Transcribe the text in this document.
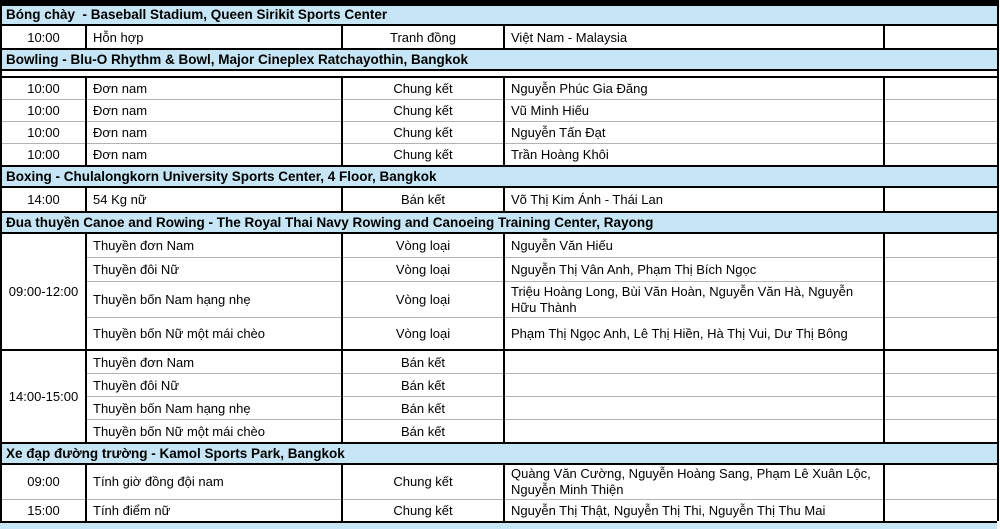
Bóng chày  - Baseball Stadium, Queen Sirikit Sports Center				
10:00	Hỗn hợp	Tranh đồng	Việt Nam - Malaysia	
Bowling - Blu-O Rhythm & Bowl, Major Cineplex Ratchayothin, Bangkok				

10:00	Đơn nam	Chung kết	Nguyễn Phúc Gia Đăng	
10:00	Đơn nam	Chung kết	Vũ Minh Hiếu	
10:00	Đơn nam	Chung kết	Nguyễn Tấn Đạt	
10:00	Đơn nam	Chung kết	Trần Hoàng Khôi	
Boxing - Chulalongkorn University Sports Center, 4 Floor, Bangkok				
14:00	54 Kg nữ	Bán kết	Võ Thị Kim Ánh - Thái Lan	
Đua thuyền Canoe and Rowing - The Royal Thai Navy Rowing and Canoeing Training Center, Rayong				
09:00-12:00	Thuyền đơn Nam	Vòng loại	Nguyễn Văn Hiếu	
	Thuyền đôi Nữ	Vòng loại	Nguyễn Thị Vân Anh, Phạm Thị Bích Ngọc	
	Thuyền bốn Nam hạng nhẹ	Vòng loại	Triệu Hoàng Long, Bùi Văn Hoàn, Nguyễn Văn Hà, Nguyễn Hữu Thành	
	Thuyền bốn Nữ một mái chèo	Vòng loại	Phạm Thị Ngọc Anh, Lê Thị Hiền, Hà Thị Vui, Dư Thị Bông	
14:00-15:00	Thuyền đơn Nam	Bán kết		
	Thuyền đôi Nữ	Bán kết		
	Thuyền bốn Nam hạng nhẹ	Bán kết		
	Thuyền bốn Nữ một mái chèo	Bán kết		
Xe đạp đường trường - Kamol Sports Park, Bangkok				
09:00	Tính giờ đồng đội nam	Chung kết	Quàng Văn Cường, Nguyễn Hoàng Sang, Phạm Lê Xuân Lộc, Nguyễn Minh Thiện	
15:00	Tính điểm nữ	Chung kết	Nguyễn Thị Thật, Nguyễn Thị Thi, Nguyễn Thị Thu Mai	
